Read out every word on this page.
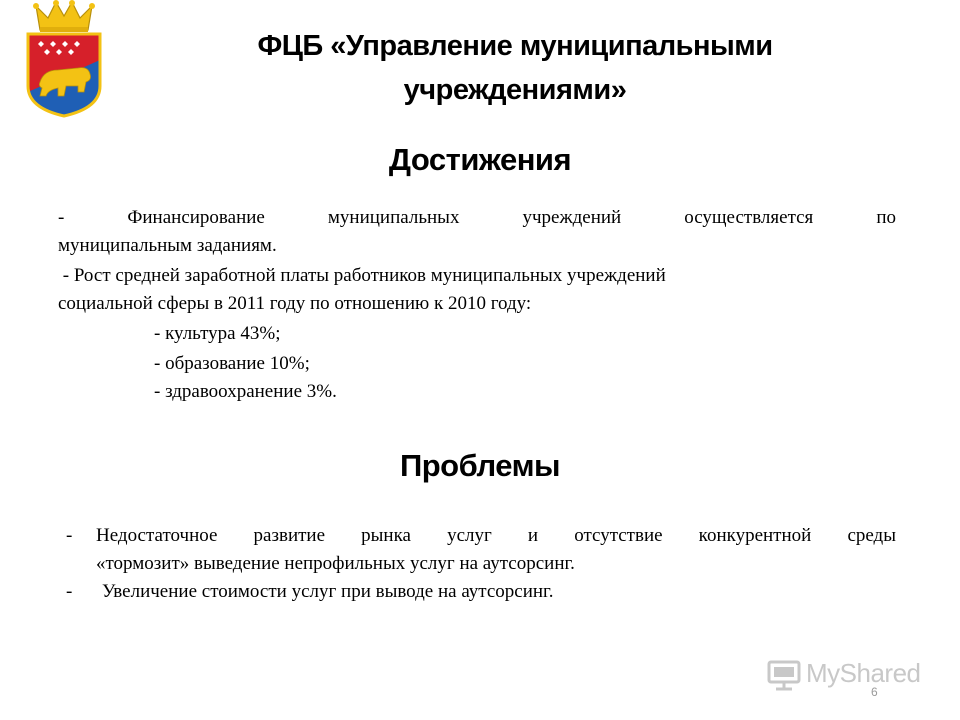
ФЦБ «Управление муниципальными
учреждениями»
Достижения
- Финансирование муниципальных учреждений осуществляется по
муниципальным заданиям.
- Рост средней заработной платы работников муниципальных учреждений
социальной сферы в 2011 году по отношению к 2010 году:
- культура 43%;
- образование 10%;
- здравоохранение 3%.
Проблемы
- Недостаточное развитие рынка услуг и отсутствие конкурентной среды
«тормозит» выведение непрофильных услуг на аутсорсинг.
- Увеличение стоимости услуг при выводе на аутсорсинг.
MyShared
6
